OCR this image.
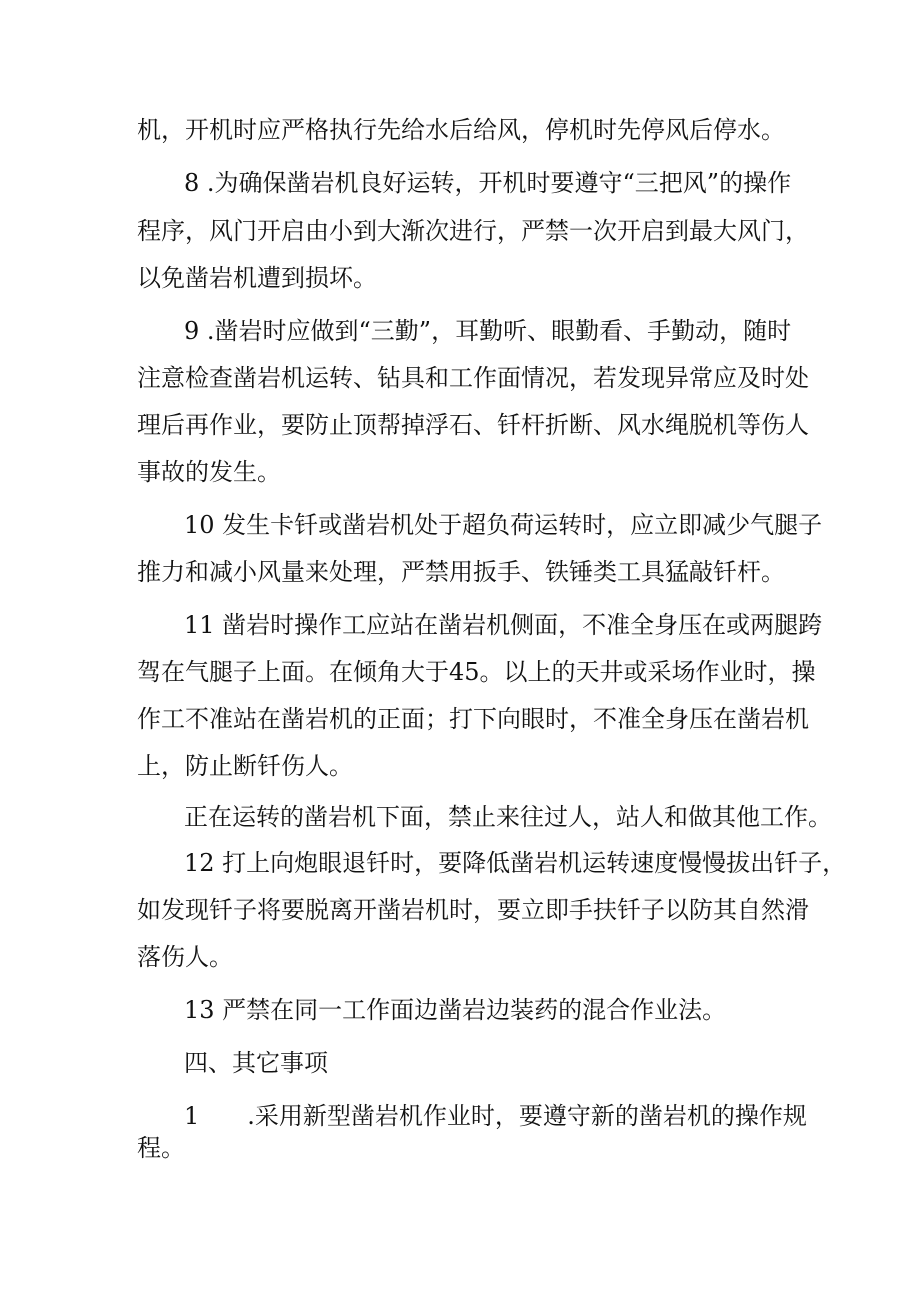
机，开机时应严格执行先给水后给风，停机时先停风后停水。
8 .为确保凿岩机良好运转，开机时要遵守“三把风”的操作
程序，风门开启由小到大渐次进行，严禁一次开启到最大风门，
以免凿岩机遭到损坏。
9 .凿岩时应做到“三勤”，耳勤听、眼勤看、手勤动，随时
注意检查凿岩机运转、钻具和工作面情况，若发现异常应及时处
理后再作业，要防止顶帮掉浮石、钎杆折断、风水绳脱机等伤人
事故的发生。
10 发生卡钎或凿岩机处于超负荷运转时，应立即减少气腿子
推力和减小风量来处理，严禁用扳手、铁锤类工具猛敲钎杆。
11 凿岩时操作工应站在凿岩机侧面，不准全身压在或两腿跨
驾在气腿子上面。在倾角大于45。以上的天井或采场作业时，操
作工不准站在凿岩机的正面；打下向眼时，不准全身压在凿岩机
上，防止断钎伤人。
正在运转的凿岩机下面，禁止来往过人，站人和做其他工作。
12 打上向炮眼退钎时，要降低凿岩机运转速度慢慢拔出钎子，
如发现钎子将要脱离开凿岩机时，要立即手扶钎子以防其自然滑
落伤人。
13 严禁在同一工作面边凿岩边装药的混合作业法。
四、其它事项
1　　.采用新型凿岩机作业时，要遵守新的凿岩机的操作规
程。
